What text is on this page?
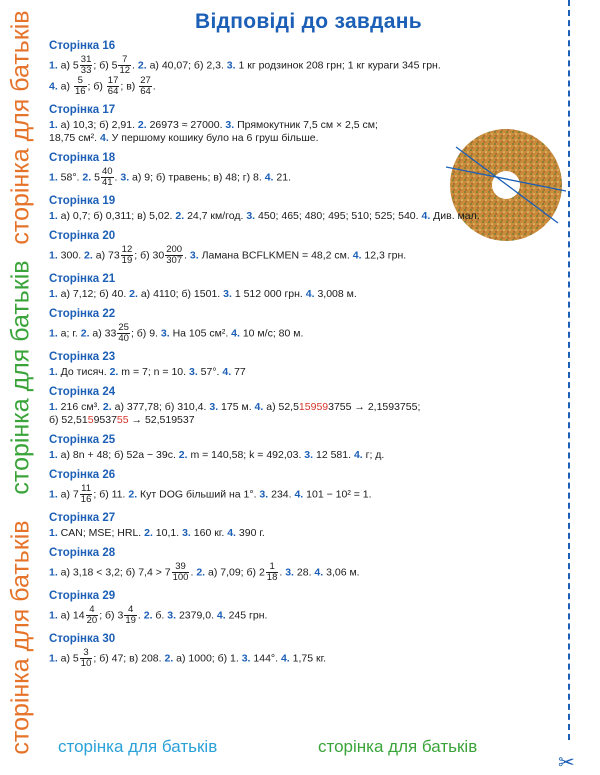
сторінка для батьків
сторінка для батьків
сторінка для батьків
Відповіді до завдань
✂
Сторінка 16
1. а) $5 \frac{31}{33}$ ; б) $5 \frac{7}{12}$ . 2. а) 40,07; б) 2,3. 3. 1 кг родзинок 208 грн; 1 кг кураги 345 грн.
4. $а) \frac{5}{16}$ ; $б) \frac{17}{64}$ ; $в) \frac{27}{64}$ .
Сторінка 17
1. а) 10,3; б) 2,91. 2. 26973 ≈ 27000. 3. Прямокутник 7,5 см × 2,5 см;
18,75 см². 4. У першому кошику було на 6 груш більше.
Сторінка 18
1. 58°. 2. $5 \frac{40}{41}$ . 3. а) 9; б) травень; в) 48; г) 8. 4. 21.
Сторінка 19
1. а) 0,7; б) 0,311; в) 5,02. 2. 24,7 км/год. 3. 450; 465; 480; 495; 510; 525; 540. 4. Див. мал.
Сторінка 20
1. 300. 2. а) $73 \frac{12}{19}$ ; б) $30 \frac{200}{307}$ . 3. Ламана BCFLKMEN = 48,2 см. 4. 12,3 грн.
Сторінка 21
1. а) 7,12; б) 40. 2. а) 4110; б) 1501. 3. 1 512 000 грн. 4. 3,008 м.
Сторінка 22
1. а; г. 2. а) $33 \frac{25}{40}$ ; б) 9. 3. На 105 см². 4. 10 м/с; 80 м.
Сторінка 23
1. До тисяч. 2. m = 7; n = 10. 3. 57°. 4. 77
Сторінка 24
1. 216 см³. 2. а) 377,78; б) 310,4. 3. 175 м. 4. а) 52,5159593755 → 2,1593755;
б) 52,515953755 → 52,519537
Сторінка 25
1. а) 8n + 48; б) 52a − 39c. 2. m = 140,58; k = 492,03. 3. 12 581. 4. г; д.
Сторінка 26
1. а) $7 \frac{11}{16}$ ; б) 11. 2. Кут DOG більший на 1°. 3. 234. 4. 101 − 10² = 1.
Сторінка 27
1. CAN; MSE; HRL. 2. 10,1. 3. 160 кг. 4. 390 г.
Сторінка 28
1. а) 3,18 < 3,2; б) $7,4 > 7 \frac{39}{100}$ . 2. а) 7,09; б) $2 \frac{1}{18}$ . 3. 28. 4. 3,06 м.
Сторінка 29
1. а) $14 \frac{4}{20}$ ; б) $3 \frac{4}{19}$ . 2. б. 3. 2379,0. 4. 245 грн.
Сторінка 30
1. а) $5 \frac{3}{10}$ ; б) 47; в) 208. 2. а) 1000; б) 1. 3. 144°. 4. 1,75 кг.
сторінка для батьків	сторінка для батьків
